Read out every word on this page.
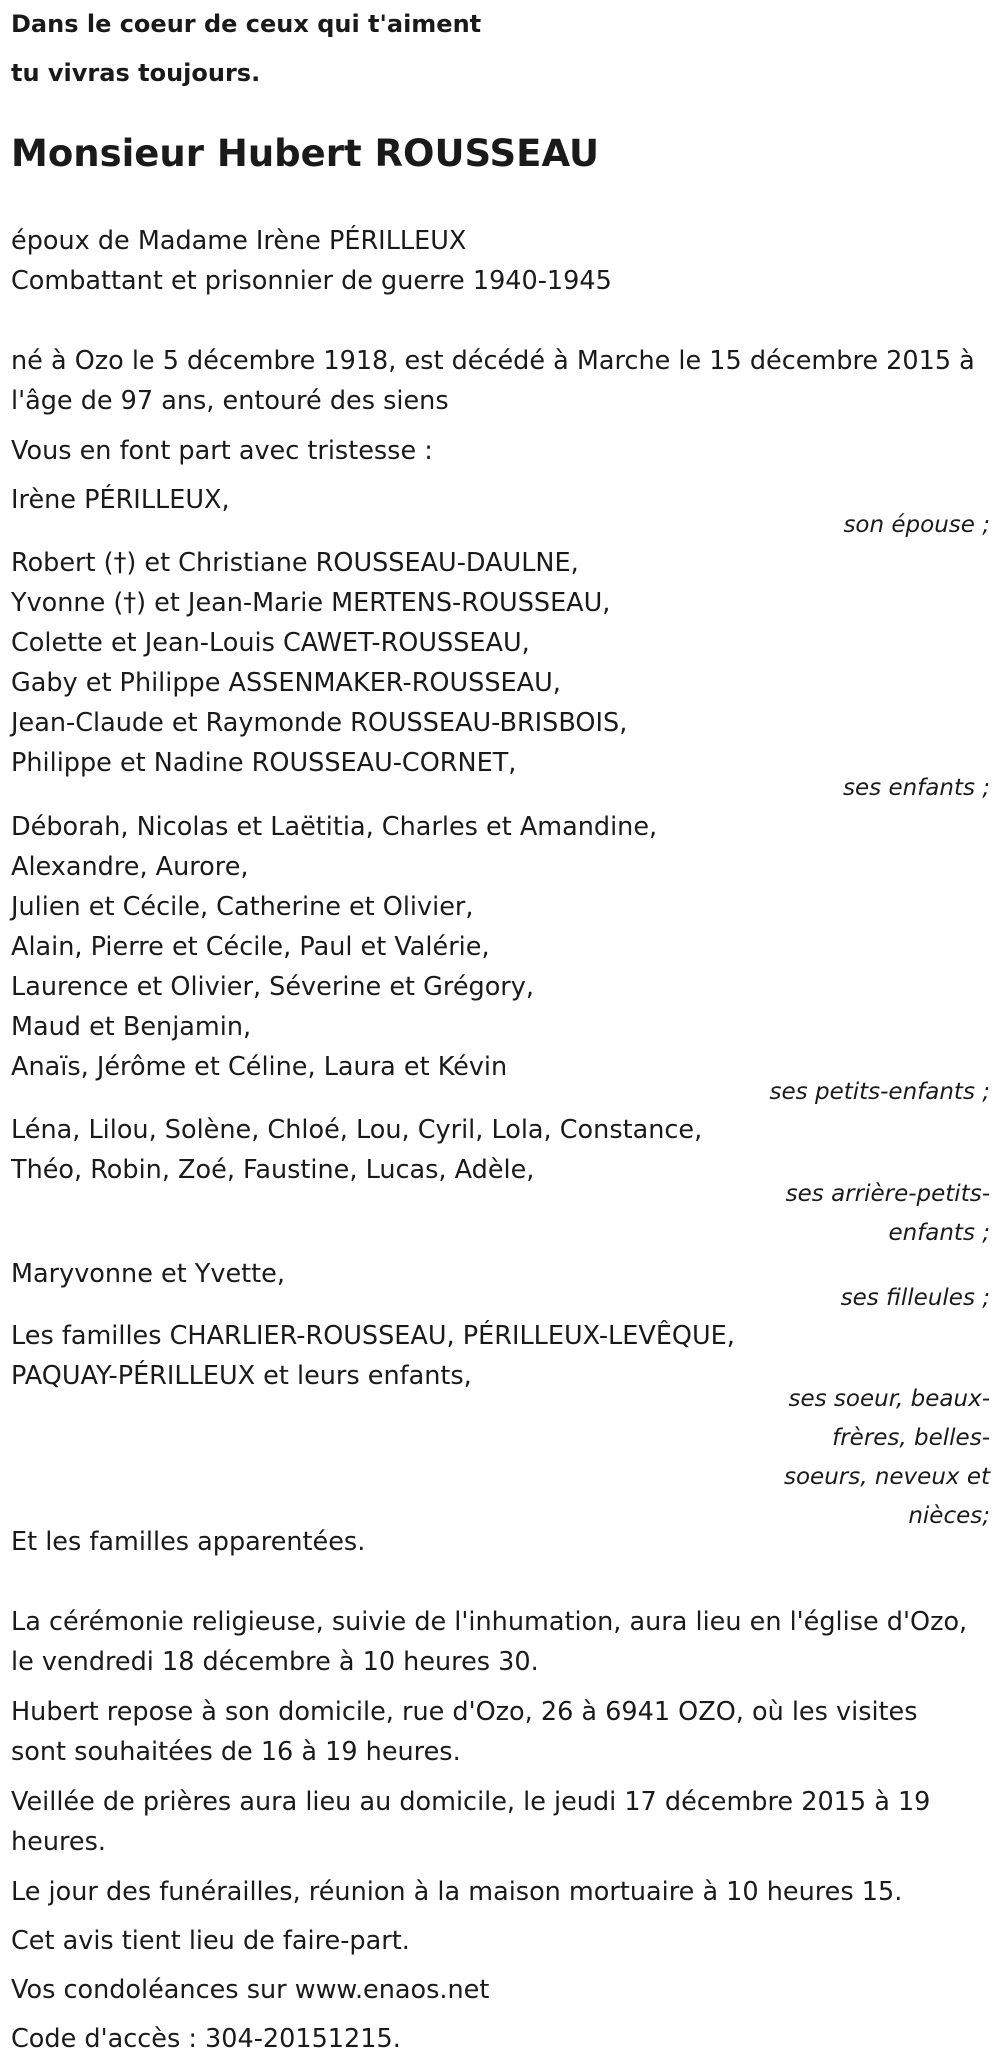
Dans le coeur de ceux qui t'aiment
tu vivras toujours.
Monsieur Hubert ROUSSEAU
époux de Madame Irène PÉRILLEUX
Combattant et prisonnier de guerre 1940-1945
né à Ozo le 5 décembre 1918, est décédé à Marche le 15 décembre 2015 à
l'âge de 97 ans, entouré des siens
Vous en font part avec tristesse :
Irène PÉRILLEUX,
son épouse ;
Robert (†) et Christiane ROUSSEAU-DAULNE,
Yvonne (†) et Jean-Marie MERTENS-ROUSSEAU,
Colette et Jean-Louis CAWET-ROUSSEAU,
Gaby et Philippe ASSENMAKER-ROUSSEAU,
Jean-Claude et Raymonde ROUSSEAU-BRISBOIS,
Philippe et Nadine ROUSSEAU-CORNET,
ses enfants ;
Déborah, Nicolas et Laëtitia, Charles et Amandine,
Alexandre, Aurore,
Julien et Cécile, Catherine et Olivier,
Alain, Pierre et Cécile, Paul et Valérie,
Laurence et Olivier, Séverine et Grégory,
Maud et Benjamin,
Anaïs, Jérôme et Céline, Laura et Kévin
ses petits-enfants ;
Léna, Lilou, Solène, Chloé, Lou, Cyril, Lola, Constance,
Théo, Robin, Zoé, Faustine, Lucas, Adèle,
ses arrière-petits-enfants ;
Maryvonne et Yvette,
ses filleules ;
Les familles CHARLIER-ROUSSEAU, PÉRILLEUX-LEVÊQUE,
PAQUAY-PÉRILLEUX et leurs enfants,
ses soeur, beaux-frères, belles-soeurs, neveux et nièces;
Et les familles apparentées.
La cérémonie religieuse, suivie de l'inhumation, aura lieu en l'église d'Ozo,
le vendredi 18 décembre à 10 heures 30.
Hubert repose à son domicile, rue d'Ozo, 26 à 6941 OZO, où les visites
sont souhaitées de 16 à 19 heures.
Veillée de prières aura lieu au domicile, le jeudi 17 décembre 2015 à 19
heures.
Le jour des funérailles, réunion à la maison mortuaire à 10 heures 15.
Cet avis tient lieu de faire-part.
Vos condoléances sur www.enaos.net
Code d'accès : 304-20151215.
